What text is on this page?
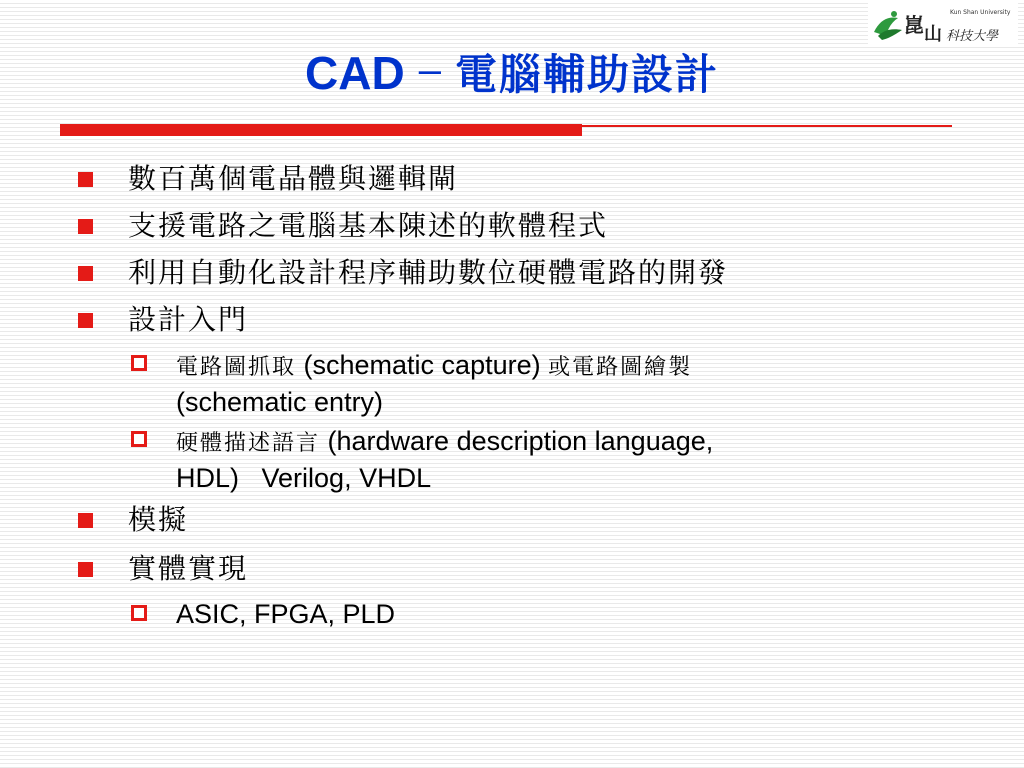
Kun Shan University
崑 山 科技大學
CAD – 電腦輔助設計
數百萬個電晶體與邏輯閘
支援電路之電腦基本陳述的軟體程式
利用自動化設計程序輔助數位硬體電路的開發
設計入門
電路圖抓取 (schematic capture) 或電路圖繪製
(schematic entry)
硬體描述語言 (hardware description language,
HDL)   Verilog, VHDL
模擬
實體實現
ASIC, FPGA, PLD
